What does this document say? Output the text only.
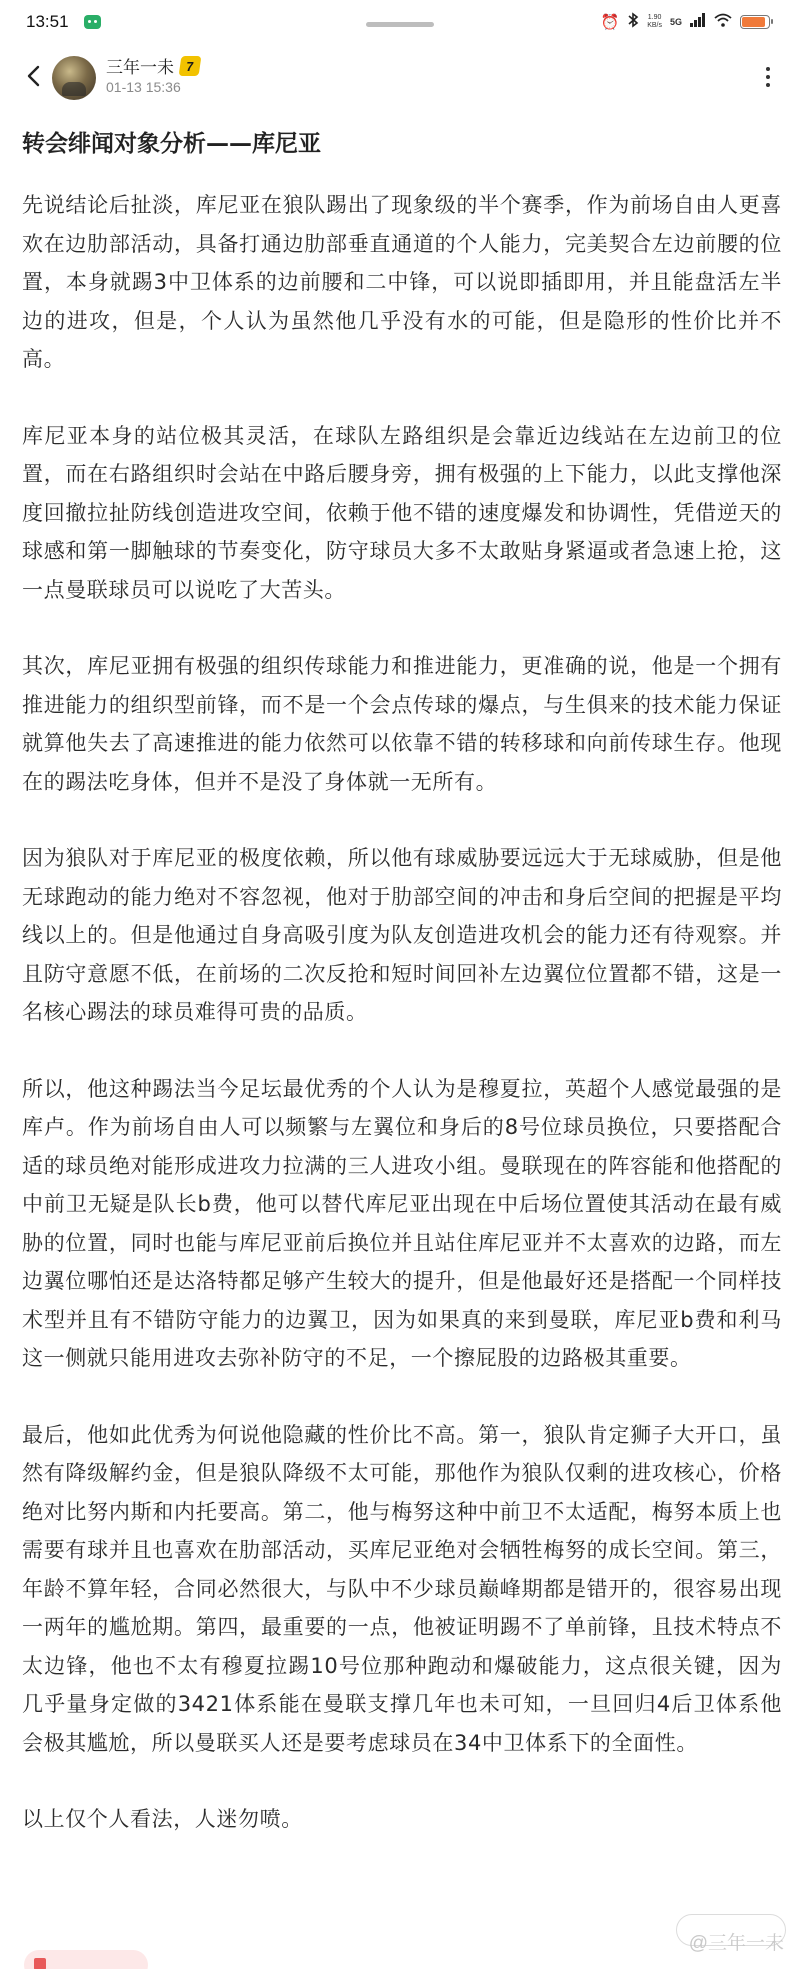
13:51	⏰	1.90
KB/s 5G
三年一未 7
01-13 15:36
转会绯闻对象分析——库尼亚

先说结论后扯淡，库尼亚在狼队踢出了现象级的半个赛季，作为前场自由人更喜欢在边肋部活动，具备打通边肋部垂直通道的个人能力，完美契合左边前腰的位置，本身就踢3中卫体系的边前腰和二中锋，可以说即插即用，并且能盘活左半边的进攻，但是，个人认为虽然他几乎没有水的可能，但是隐形的性价比并不高。

库尼亚本身的站位极其灵活，在球队左路组织是会靠近边线站在左边前卫的位置，而在右路组织时会站在中路后腰身旁，拥有极强的上下能力，以此支撑他深度回撤拉扯防线创造进攻空间，依赖于他不错的速度爆发和协调性，凭借逆天的球感和第一脚触球的节奏变化，防守球员大多不太敢贴身紧逼或者急速上抢，这一点曼联球员可以说吃了大苦头。

其次，库尼亚拥有极强的组织传球能力和推进能力，更准确的说，他是一个拥有推进能力的组织型前锋，而不是一个会点传球的爆点，与生俱来的技术能力保证就算他失去了高速推进的能力依然可以依靠不错的转移球和向前传球生存。他现在的踢法吃身体，但并不是没了身体就一无所有。

因为狼队对于库尼亚的极度依赖，所以他有球威胁要远远大于无球威胁，但是他无球跑动的能力绝对不容忽视，他对于肋部空间的冲击和身后空间的把握是平均线以上的。但是他通过自身高吸引度为队友创造进攻机会的能力还有待观察。并且防守意愿不低，在前场的二次反抢和短时间回补左边翼位位置都不错，这是一名核心踢法的球员难得可贵的品质。

所以，他这种踢法当今足坛最优秀的个人认为是穆夏拉，英超个人感觉最强的是库卢。作为前场自由人可以频繁与左翼位和身后的8号位球员换位，只要搭配合适的球员绝对能形成进攻力拉满的三人进攻小组。曼联现在的阵容能和他搭配的中前卫无疑是队长b费，他可以替代库尼亚出现在中后场位置使其活动在最有威胁的位置，同时也能与库尼亚前后换位并且站住库尼亚并不太喜欢的边路，而左边翼位哪怕还是达洛特都足够产生较大的提升，但是他最好还是搭配一个同样技术型并且有不错防守能力的边翼卫，因为如果真的来到曼联，库尼亚b费和利马这一侧就只能用进攻去弥补防守的不足，一个擦屁股的边路极其重要。

最后，他如此优秀为何说他隐藏的性价比不高。第一，狼队肯定狮子大开口，虽然有降级解约金，但是狼队降级不太可能，那他作为狼队仅剩的进攻核心，价格绝对比努内斯和内托要高。第二，他与梅努这种中前卫不太适配，梅努本质上也需要有球并且也喜欢在肋部活动，买库尼亚绝对会牺牲梅努的成长空间。第三，年龄不算年轻，合同必然很大，与队中不少球员巅峰期都是错开的，很容易出现一两年的尴尬期。第四，最重要的一点，他被证明踢不了单前锋，且技术特点不太边锋，他也不太有穆夏拉踢10号位那种跑动和爆破能力，这点很关键，因为几乎量身定做的3421体系能在曼联支撑几年也未可知，一旦回归4后卫体系他会极其尴尬，所以曼联买人还是要考虑球员在34中卫体系下的全面性。

以上仅个人看法，人迷勿喷。

@三年一未
